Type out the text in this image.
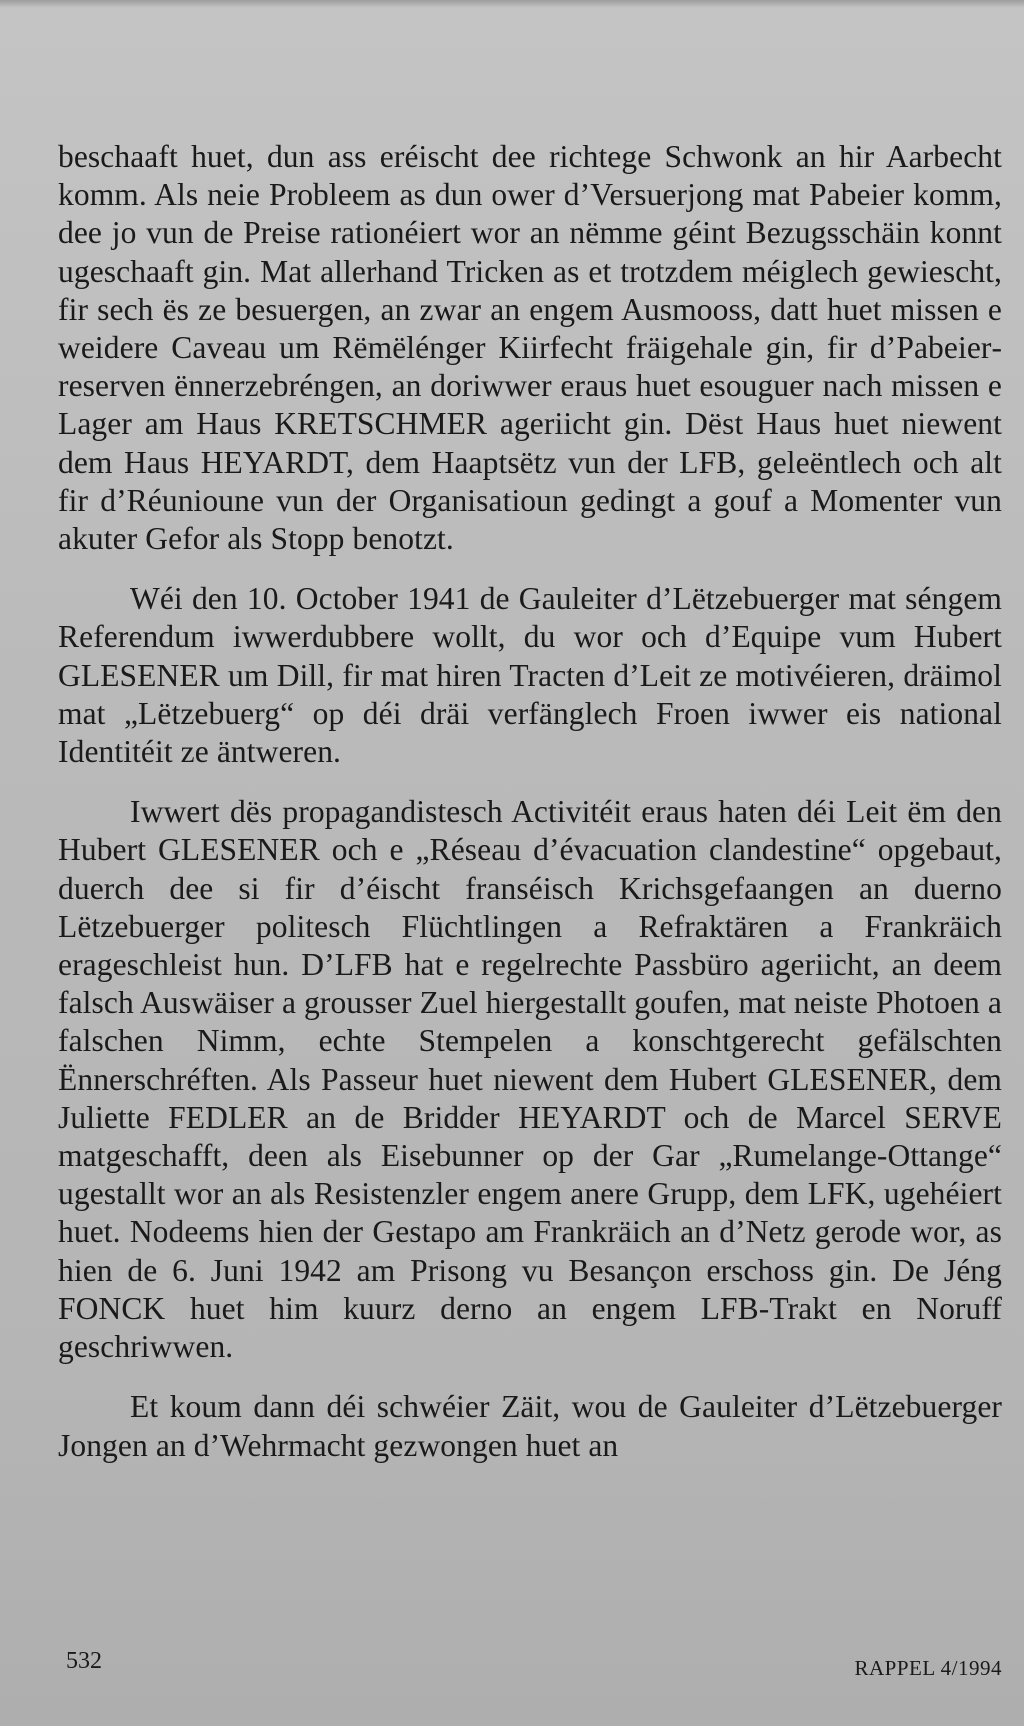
beschaaft huet, dun ass eréischt dee richtege Schwonk an hir Aarbecht komm. Als neie Probleem as dun ower d’Versuerjong mat Pabeier komm, dee jo vun de Preise rationéiert wor an nëmme géint Bezugsschäin konnt ugeschaaft gin. Mat allerhand Tricken as et trotzdem méiglech gewiescht, fir sech ës ze besuergen, an zwar an engem Ausmooss, datt huet missen e weidere Caveau um Rëmëlénger Kiirfecht fräigehale gin, fir d’Pabeierreserven ënnerzebréngen, an doriwwer eraus huet esouguer nach missen e Lager am Haus KRETSCHMER ageriicht gin. Dëst Haus huet niewent dem Haus HEYARDT, dem Haaptsëtz vun der LFB, geleëntlech och alt fir d’Réunioune vun der Organisatioun gedingt a gouf a Momenter vun akuter Gefor als Stopp benotzt.

Wéi den 10. October 1941 de Gauleiter d’Lëtzebuerger mat séngem Referendum iwwerdubbere wollt, du wor och d’Equipe vum Hubert GLESENER um Dill, fir mat hiren Tracten d’Leit ze motivéieren, dräimol mat „Lëtzebuerg“ op déi dräi verfänglech Froen iwwer eis national Identitéit ze äntweren.

Iwwert dës propagandistesch Activitéit eraus haten déi Leit ëm den Hubert GLESENER och e „Réseau d’évacuation clandestine“ opgebaut, duerch dee si fir d’éischt franséisch Krichsgefaangen an duerno Lëtzebuerger politesch Flüchtlingen a Refraktären a Frankräich erageschleist hun. D’LFB hat e regelrechte Passbüro ageriicht, an deem falsch Auswäiser a grousser Zuel hiergestallt goufen, mat neiste Photoen a falschen Nimm, echte Stempelen a konschtgerecht gefälschten Ënnerschréften. Als Passeur huet niewent dem Hubert GLESENER, dem Juliette FEDLER an de Bridder HEYARDT och de Marcel SERVE matgeschafft, deen als Eisebunner op der Gar „Rumelange-Ottange“ ugestallt wor an als Resistenzler engem anere Grupp, dem LFK, ugehéiert huet. Nodeems hien der Gestapo am Frankräich an d’Netz gerode wor, as hien de 6. Juni 1942 am Prisong vu Besançon erschoss gin. De Jéng FONCK huet him kuurz derno an engem LFB-Trakt en Noruff geschriwwen.

Et koum dann déi schwéier Zäit, wou de Gauleiter d’Lëtzebuerger Jongen an d’Wehrmacht gezwongen huet an

532	RAPPEL 4/1994
